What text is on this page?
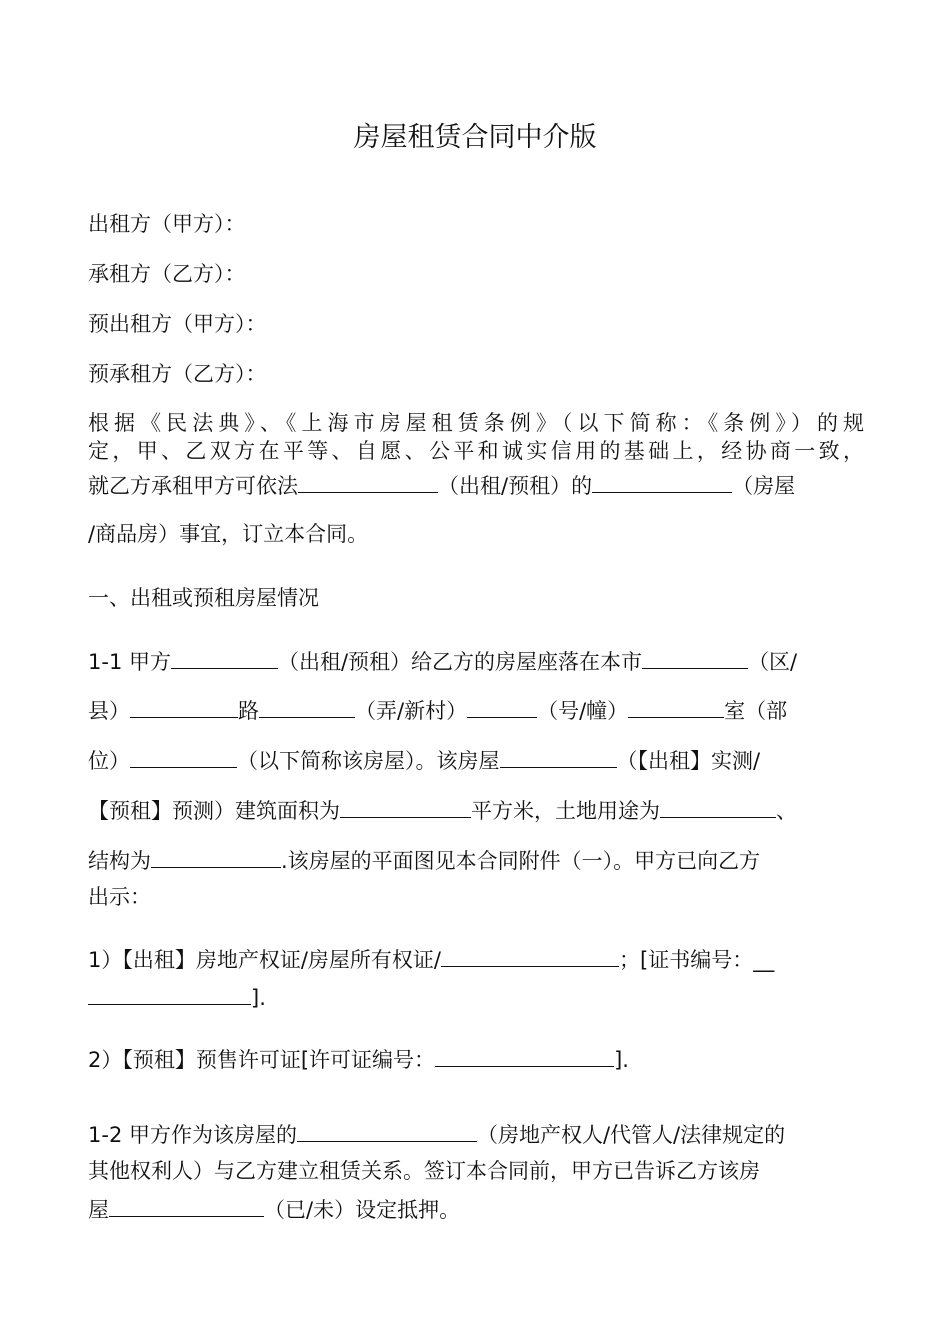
房屋租赁合同中介版

出租方（甲方）：

承租方（乙方）：

预出租方（甲方）：

预承租方（乙方）：

根据《民法典》、《上海市房屋租赁条例》（以下简称：《条例》）的规

定，甲、乙双方在平等、自愿、公平和诚实信用的基础上，经协商一致，

就乙方承租甲方可依法	（出租/预租）的	（房屋

/商品房）事宜，订立本合同。

一、出租或预租房屋情况

1-1 甲方	（出租/预租）给乙方的房屋座落在本市	（区/

县）	路	（弄/新村）	（号/幢）	室（部

位）	（以下简称该房屋）。该房屋	（【出租】实测/

【预租】预测）建筑面积为	平方米，土地用途为	、

结构为	.该房屋的平面图见本合同附件（一）。甲方已向乙方

出示：

1）【出租】房地产权证/房屋所有权证/	；[证书编号：__

].

2）【预租】预售许可证[许可证编号：	].

1-2 甲方作为该房屋的	（房地产权人/代管人/法律规定的

其他权利人）与乙方建立租赁关系。签订本合同前，甲方已告诉乙方该房

屋	（已/未）设定抵押。
